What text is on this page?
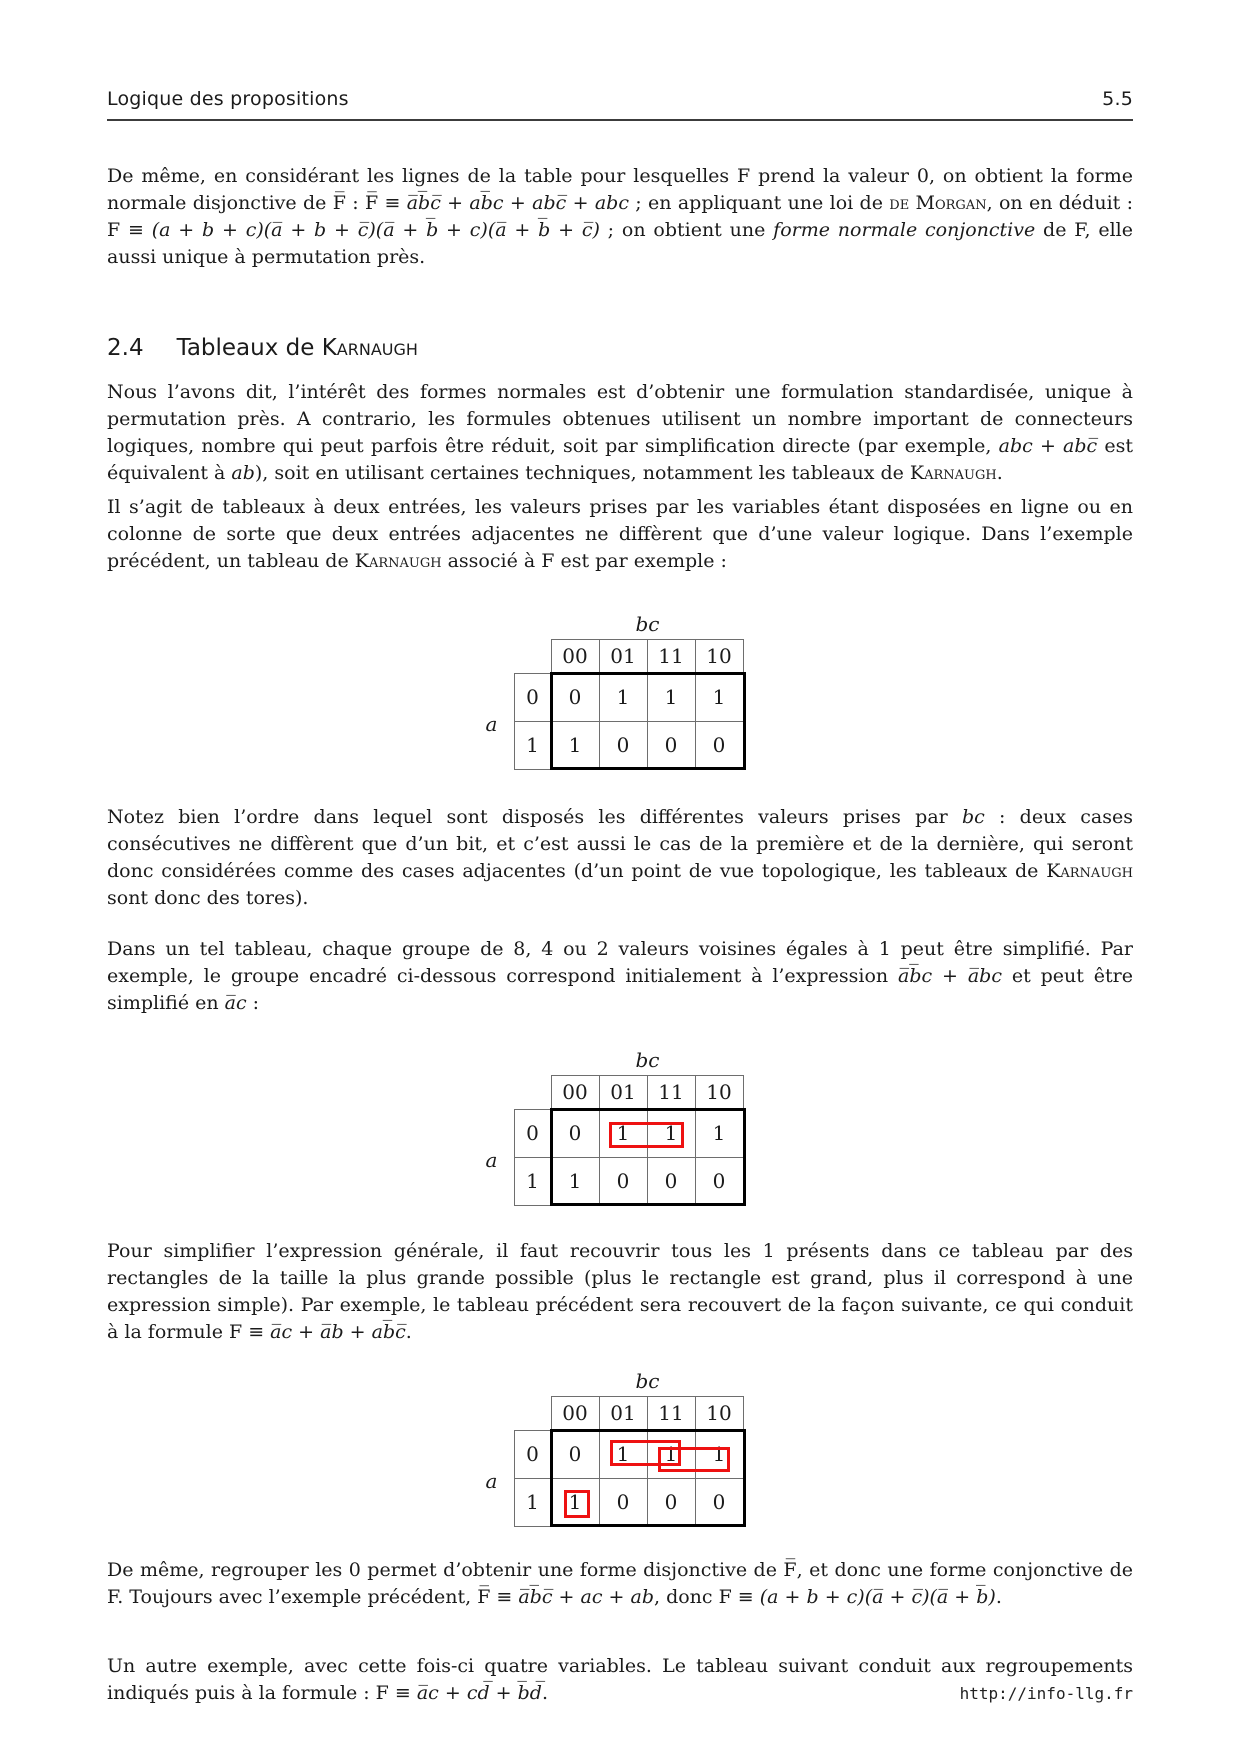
Logique des propositions	5.5

De même, en considérant les lignes de la table pour lesquelles F prend la valeur 0, on obtient la forme normale disjonctive de F̅ : F̅ ≡ a̅b̅c̅ + ab̅c + abc̅ + abc ; en appliquant une loi de de Morgan, on en déduit : F ≡ (a + b + c)(a̅ + b + c̅)(a̅ + b̅ + c)(a̅ + b̅ + c̅) ; on obtient une forme normale conjonctive de F, elle aussi unique à permutation près.

2.4 Tableaux de Karnaugh

Nous l’avons dit, l’intérêt des formes normales est d’obtenir une formulation standardisée, unique à permutation près. A contrario, les formules obtenues utilisent un nombre important de connecteurs logiques, nombre qui peut parfois être réduit, soit par simplification directe (par exemple, abc + abc̅ est équivalent à ab), soit en utilisant certaines techniques, notamment les tableaux de Karnaugh.

Il s’agit de tableaux à deux entrées, les valeurs prises par les variables étant disposées en ligne ou en colonne de sorte que deux entrées adjacentes ne diffèrent que d’une valeur logique. Dans l’exemple précédent, un tableau de Karnaugh associé à F est par exemple :

bc
a
	00	01	11	10
0	0	1	1	1
1	1	0	0	0

Notez bien l’ordre dans lequel sont disposés les différentes valeurs prises par bc : deux cases consécutives ne diffèrent que d’un bit, et c’est aussi le cas de la première et de la dernière, qui seront donc considérées comme des cases adjacentes (d’un point de vue topologique, les tableaux de Karnaugh sont donc des tores).

Dans un tel tableau, chaque groupe de 8, 4 ou 2 valeurs voisines égales à 1 peut être simplifié. Par exemple, le groupe encadré ci-dessous correspond initialement à l’expression a̅b̅c + a̅bc et peut être simplifié en a̅c :

bc
a
	00	01	11	10
0	0	1	1	1
1	1	0	0	0

Pour simplifier l’expression générale, il faut recouvrir tous les 1 présents dans ce tableau par des rectangles de la taille la plus grande possible (plus le rectangle est grand, plus il correspond à une expression simple). Par exemple, le tableau précédent sera recouvert de la façon suivante, ce qui conduit à la formule F ≡ a̅c + a̅b + ab̅c̅.

bc
a
	00	01	11	10
0	0	1	1	1
1	1	0	0	0

De même, regrouper les 0 permet d’obtenir une forme disjonctive de F̅, et donc une forme conjonctive de F. Toujours avec l’exemple précédent, F̅ ≡ a̅b̅c̅ + ac + ab, donc F ≡ (a + b + c)(a̅ + c̅)(a̅ + b̅).

Un autre exemple, avec cette fois-ci quatre variables. Le tableau suivant conduit aux regroupements indiqués puis à la formule : F ≡ a̅c + cd̅ + b̅d̅.	http://info-llg.fr
